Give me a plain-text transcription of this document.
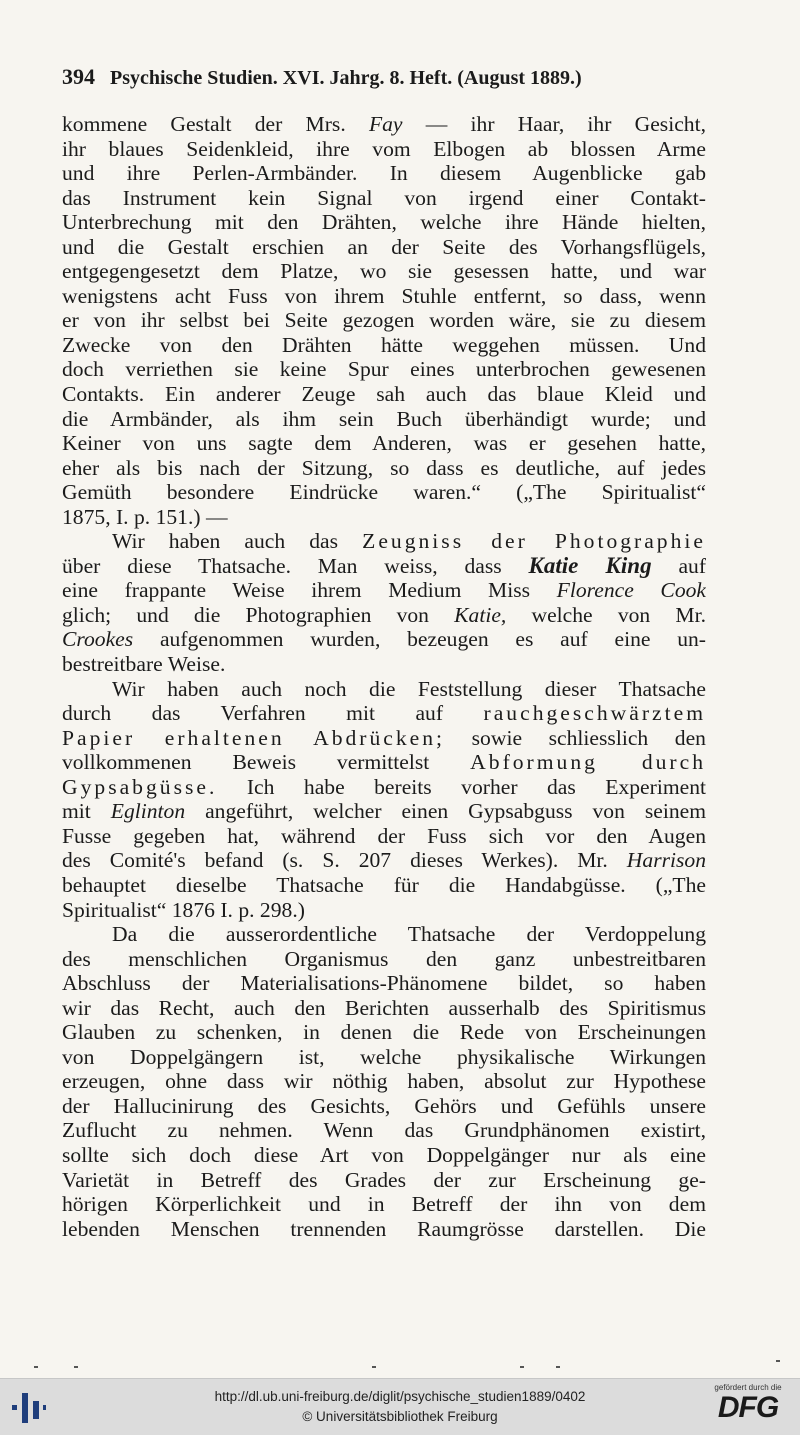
394 Psychische Studien. XVI. Jahrg. 8. Heft. (August 1889.)
kommene Gestalt der Mrs. Fay — ihr Haar, ihr Gesicht,
ihr blaues Seidenkleid, ihre vom Elbogen ab blossen Arme
und ihre Perlen-Armbänder. In diesem Augenblicke gab
das Instrument kein Signal von irgend einer Contakt-
Unterbrechung mit den Drähten, welche ihre Hände hielten,
und die Gestalt erschien an der Seite des Vorhangsflügels,
entgegengesetzt dem Platze, wo sie gesessen hatte, und war
wenigstens acht Fuss von ihrem Stuhle entfernt, so dass, wenn
er von ihr selbst bei Seite gezogen worden wäre, sie zu diesem
Zwecke von den Drähten hätte weggehen müssen. Und
doch verriethen sie keine Spur eines unterbrochen gewesenen
Contakts. Ein anderer Zeuge sah auch das blaue Kleid und
die Armbänder, als ihm sein Buch überhändigt wurde; und
Keiner von uns sagte dem Anderen, was er gesehen hatte,
eher als bis nach der Sitzung, so dass es deutliche, auf jedes
Gemüth besondere Eindrücke waren.“ („The Spiritualist“
1875, I. p. 151.) —
Wir haben auch das Zeugniss der Photographie
über diese Thatsache. Man weiss, dass Katie King auf
eine frappante Weise ihrem Medium Miss Florence Cook
glich; und die Photographien von Katie, welche von Mr.
Crookes aufgenommen wurden, bezeugen es auf eine un-
bestreitbare Weise.
Wir haben auch noch die Feststellung dieser Thatsache
durch das Verfahren mit auf rauchgeschwärztem
Papier erhaltenen Abdrücken; sowie schliesslich den
vollkommenen Beweis vermittelst Abformung durch
Gypsabgüsse. Ich habe bereits vorher das Experiment
mit Eglinton angeführt, welcher einen Gypsabguss von seinem
Fusse gegeben hat, während der Fuss sich vor den Augen
des Comité's befand (s. S. 207 dieses Werkes). Mr. Harrison
behauptet dieselbe Thatsache für die Handabgüsse. („The
Spiritualist“ 1876 I. p. 298.)
Da die ausserordentliche Thatsache der Verdoppelung
des menschlichen Organismus den ganz unbestreitbaren
Abschluss der Materialisations-Phänomene bildet, so haben
wir das Recht, auch den Berichten ausserhalb des Spiritismus
Glauben zu schenken, in denen die Rede von Erscheinungen
von Doppelgängern ist, welche physikalische Wirkungen
erzeugen, ohne dass wir nöthig haben, absolut zur Hypothese
der Hallucinirung des Gesichts, Gehörs und Gefühls unsere
Zuflucht zu nehmen. Wenn das Grundphänomen existirt,
sollte sich doch diese Art von Doppelgänger nur als eine
Varietät in Betreff des Grades der zur Erscheinung ge-
hörigen Körperlichkeit und in Betreff der ihn von dem
lebenden Menschen trennenden Raumgrösse darstellen. Die
http://dl.ub.uni-freiburg.de/diglit/psychische_studien1889/0402
© Universitätsbibliothek Freiburg
gefördert durch die
DFG
